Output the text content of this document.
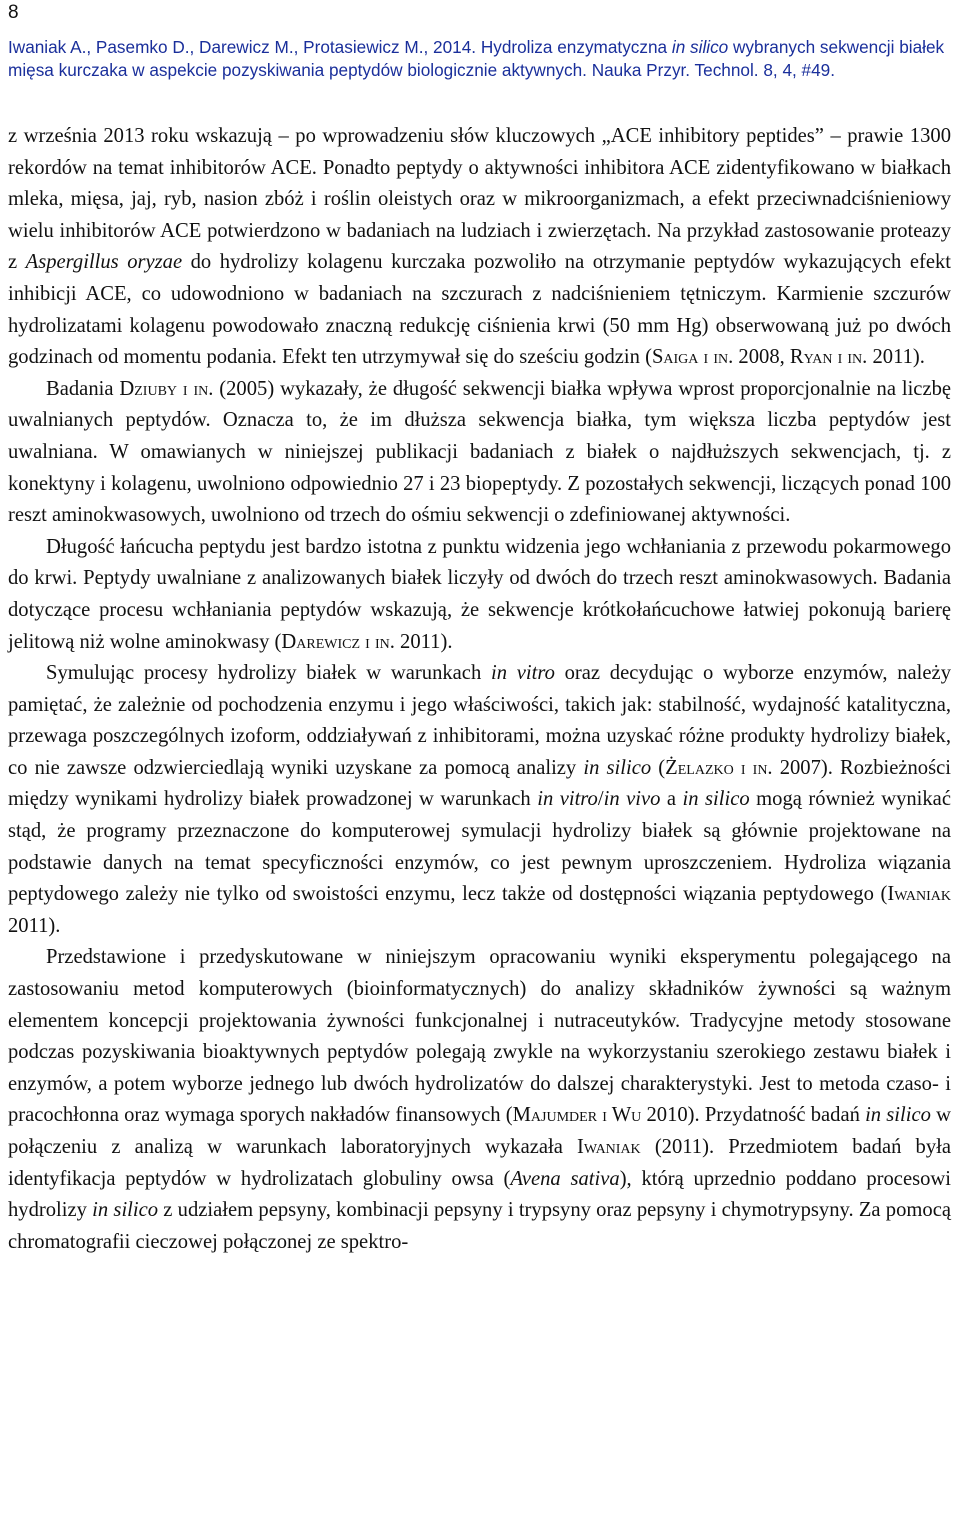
8
Iwaniak A., Pasemko D., Darewicz M., Protasiewicz M., 2014. Hydroliza enzymatyczna in silico wybranych sekwencji białek mięsa kurczaka w aspekcie pozyskiwania peptydów biologicznie aktywnych. Nauka Przyr. Technol. 8, 4, #49.

z września 2013 roku wskazują – po wprowadzeniu słów kluczowych „ACE inhibitory peptides” – prawie 1300 rekordów na temat inhibitorów ACE. Ponadto peptydy o aktywności inhibitora ACE zidentyfikowano w białkach mleka, mięsa, jaj, ryb, nasion zbóż i roślin oleistych oraz w mikroorganizmach, a efekt przeciwnadciśnieniowy wielu inhibitorów ACE potwierdzono w badaniach na ludziach i zwierzętach. Na przykład zastosowanie proteazy z Aspergillus oryzae do hydrolizy kolagenu kurczaka pozwoliło na otrzymanie peptydów wykazujących efekt inhibicji ACE, co udowodniono w badaniach na szczurach z nadciśnieniem tętniczym. Karmienie szczurów hydrolizatami kolagenu powodowało znaczną redukcję ciśnienia krwi (50 mm Hg) obserwowaną już po dwóch godzinach od momentu podania. Efekt ten utrzymywał się do sześciu godzin (Saiga i in. 2008, Ryan i in. 2011).

Badania Dziuby i in. (2005) wykazały, że długość sekwencji białka wpływa wprost proporcjonalnie na liczbę uwalnianych peptydów. Oznacza to, że im dłuższa sekwencja białka, tym większa liczba peptydów jest uwalniana. W omawianych w niniejszej publikacji badaniach z białek o najdłuższych sekwencjach, tj. z konektyny i kolagenu, uwolniono odpowiednio 27 i 23 biopeptydy. Z pozostałych sekwencji, liczących ponad 100 reszt aminokwasowych, uwolniono od trzech do ośmiu sekwencji o zdefiniowanej aktywności.

Długość łańcucha peptydu jest bardzo istotna z punktu widzenia jego wchłaniania z przewodu pokarmowego do krwi. Peptydy uwalniane z analizowanych białek liczyły od dwóch do trzech reszt aminokwasowych. Badania dotyczące procesu wchłaniania peptydów wskazują, że sekwencje krótkołańcuchowe łatwiej pokonują barierę jelitową niż wolne aminokwasy (Darewicz i in. 2011).

Symulując procesy hydrolizy białek w warunkach in vitro oraz decydując o wyborze enzymów, należy pamiętać, że zależnie od pochodzenia enzymu i jego właściwości, takich jak: stabilność, wydajność katalityczna, przewaga poszczególnych izoform, oddziaływań z inhibitorami, można uzyskać różne produkty hydrolizy białek, co nie zawsze odzwierciedlają wyniki uzyskane za pomocą analizy in silico (Żelazko i in. 2007). Rozbieżności między wynikami hydrolizy białek prowadzonej w warunkach in vitro/in vivo a in silico mogą również wynikać stąd, że programy przeznaczone do komputerowej symulacji hydrolizy białek są głównie projektowane na podstawie danych na temat specyficzności enzymów, co jest pewnym uproszczeniem. Hydroliza wiązania peptydowego zależy nie tylko od swoistości enzymu, lecz także od dostępności wiązania peptydowego (Iwaniak 2011).

Przedstawione i przedyskutowane w niniejszym opracowaniu wyniki eksperymentu polegającego na zastosowaniu metod komputerowych (bioinformatycznych) do analizy składników żywności są ważnym elementem koncepcji projektowania żywności funkcjonalnej i nutraceutyków. Tradycyjne metody stosowane podczas pozyskiwania bioaktywnych peptydów polegają zwykle na wykorzystaniu szerokiego zestawu białek i enzymów, a potem wyborze jednego lub dwóch hydrolizatów do dalszej charakterystyki. Jest to metoda czaso- i pracochłonna oraz wymaga sporych nakładów finansowych (Majumder i Wu 2010). Przydatność badań in silico w połączeniu z analizą w warunkach laboratoryjnych wykazała Iwaniak (2011). Przedmiotem badań była identyfikacja peptydów w hydrolizatach globuliny owsa (Avena sativa), którą uprzednio poddano procesowi hydrolizy in silico z udziałem pepsyny, kombinacji pepsyny i trypsyny oraz pepsyny i chymotrypsyny. Za pomocą chromatografii cieczowej połączonej ze spektro-
